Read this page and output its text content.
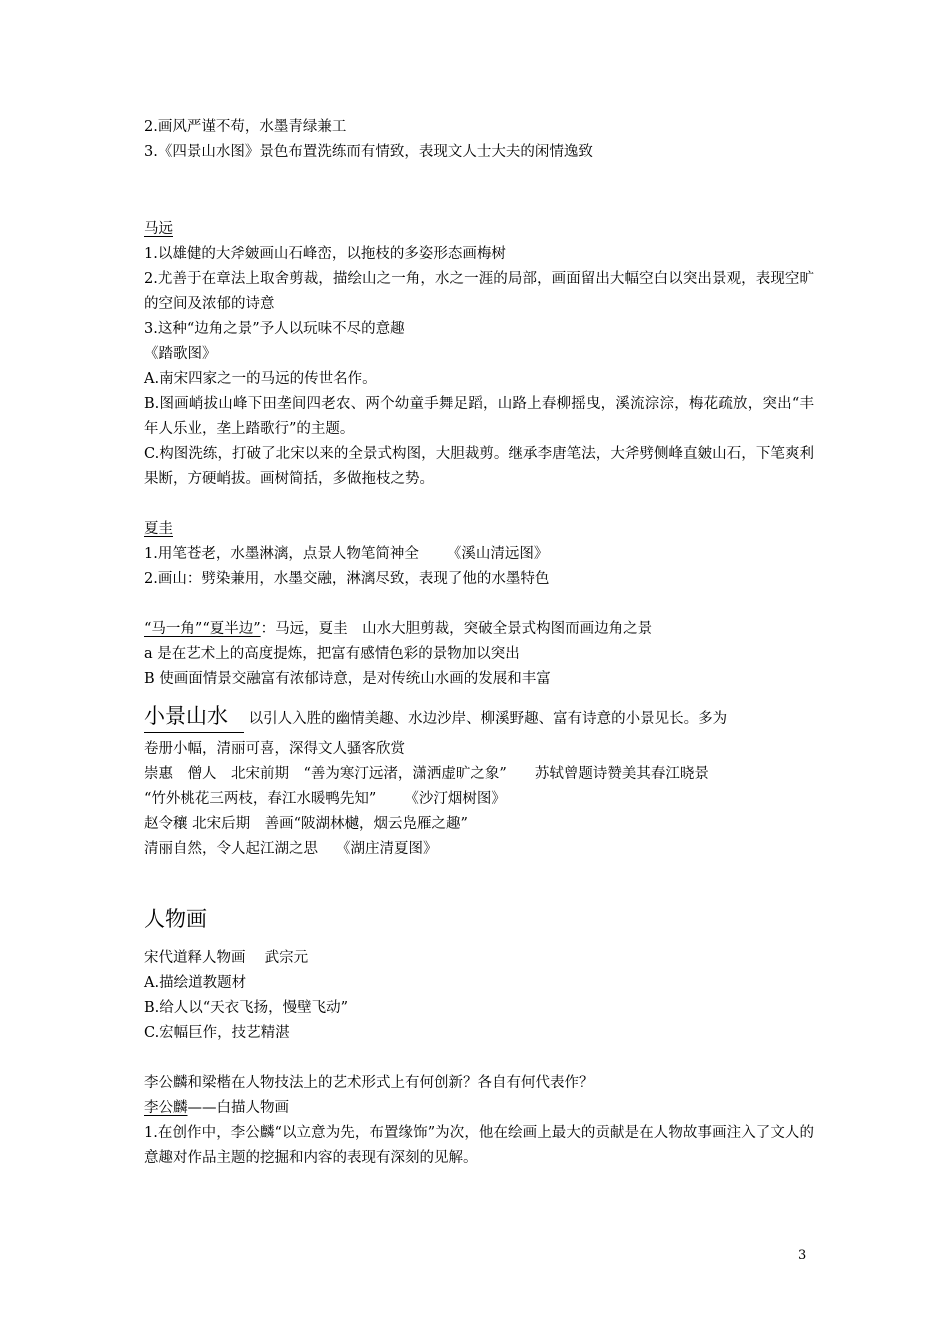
2.画风严谨不苟，水墨青绿兼工
3.《四景山水图》景色布置洗练而有情致，表现文人士大夫的闲情逸致
马远
1.以雄健的大斧皴画山石峰峦，以拖枝的多姿形态画梅树
2.尤善于在章法上取舍剪裁，描绘山之一角，水之一涯的局部，画面留出大幅空白以突出景观，表现空旷的空间及浓郁的诗意
3.这种“边角之景”予人以玩味不尽的意趣
《踏歌图》
A.南宋四家之一的马远的传世名作。
B.图画峭拔山峰下田垄间四老农、两个幼童手舞足蹈，山路上春柳摇曳，溪流淙淙，梅花疏放，突出“丰年人乐业，垄上踏歌行”的主题。
C.构图洗练，打破了北宋以来的全景式构图，大胆裁剪。继承李唐笔法，大斧劈侧峰直皴山石，下笔爽利果断，方硬峭拔。画树简括，多做拖枝之势。
夏圭
1.用笔苍老，水墨淋漓，点景人物笔简神全 《溪山清远图》
2.画山：劈染兼用，水墨交融，淋漓尽致，表现了他的水墨特色
“马一角”“夏半边”：马远，夏圭　山水大胆剪裁，突破全景式构图而画边角之景
a 是在艺术上的高度提炼，把富有感情色彩的景物加以突出
B 使画面情景交融富有浓郁诗意，是对传统山水画的发展和丰富
小景山水 以引人入胜的幽情美趣、水边沙岸、柳溪野趣、富有诗意的小景见长。多为
卷册小幅，清丽可喜，深得文人骚客欣赏
崇惠　僧人　北宋前期　“善为寒汀远渚，潇洒虚旷之象” 苏轼曾题诗赞美其春江晓景
“竹外桃花三两枝，春江水暖鸭先知” 《沙汀烟树图》
赵令穰 北宋后期　善画“陂湖林樾，烟云凫雁之趣”
清丽自然，令人起江湖之思 《湖庄清夏图》
人物画
宋代道释人物画　 武宗元
A.描绘道教题材
B.给人以“天衣飞扬，慢壁飞动”
C.宏幅巨作，技艺精湛
李公麟和梁楷在人物技法上的艺术形式上有何创新？各自有何代表作？
李公麟——白描人物画
1.在创作中，李公麟“以立意为先，布置缘饰”为次，他在绘画上最大的贡献是在人物故事画注入了文人的意趣对作品主题的挖掘和内容的表现有深刻的见解。
3
